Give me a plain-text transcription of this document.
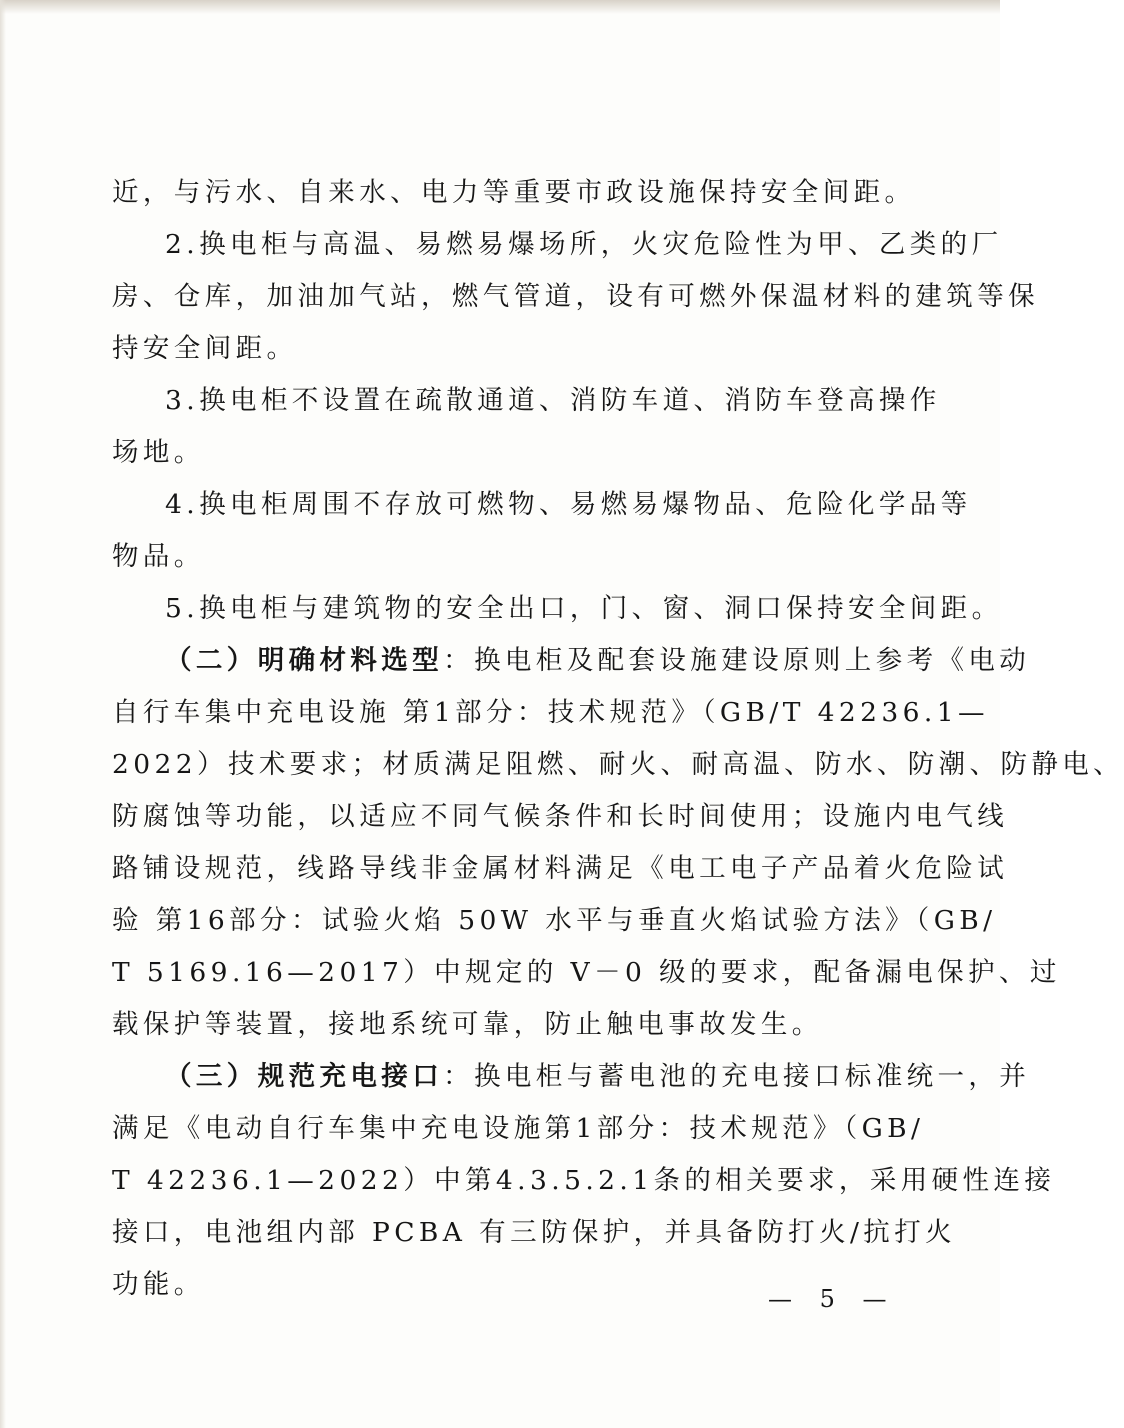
近，与污水、自来水、电力等重要市政设施保持安全间距。
2.换电柜与高温、易燃易爆场所，火灾危险性为甲、乙类的厂
房、仓库，加油加气站，燃气管道，设有可燃外保温材料的建筑等保
持安全间距。
3.换电柜不设置在疏散通道、消防车道、消防车登高操作
场地。
4.换电柜周围不存放可燃物、易燃易爆物品、危险化学品等
物品。
5.换电柜与建筑物的安全出口，门、窗、洞口保持安全间距。
（二）明确材料选型：换电柜及配套设施建设原则上参考《电动
自行车集中充电设施 第1部分：技术规范》（GB/T 42236.1—
2022）技术要求；材质满足阻燃、耐火、耐高温、防水、防潮、防静电、
防腐蚀等功能，以适应不同气候条件和长时间使用；设施内电气线
路铺设规范，线路导线非金属材料满足《电工电子产品着火危险试
验 第16部分：试验火焰 50W 水平与垂直火焰试验方法》（GB/
T 5169.16—2017）中规定的 V－0 级的要求，配备漏电保护、过
载保护等装置，接地系统可靠，防止触电事故发生。
（三）规范充电接口：换电柜与蓄电池的充电接口标准统一，并
满足《电动自行车集中充电设施第1部分：技术规范》（GB/
T 42236.1—2022）中第4.3.5.2.1条的相关要求，采用硬性连接
接口，电池组内部 PCBA 有三防保护，并具备防打火/抗打火
功能。	— 5 —
